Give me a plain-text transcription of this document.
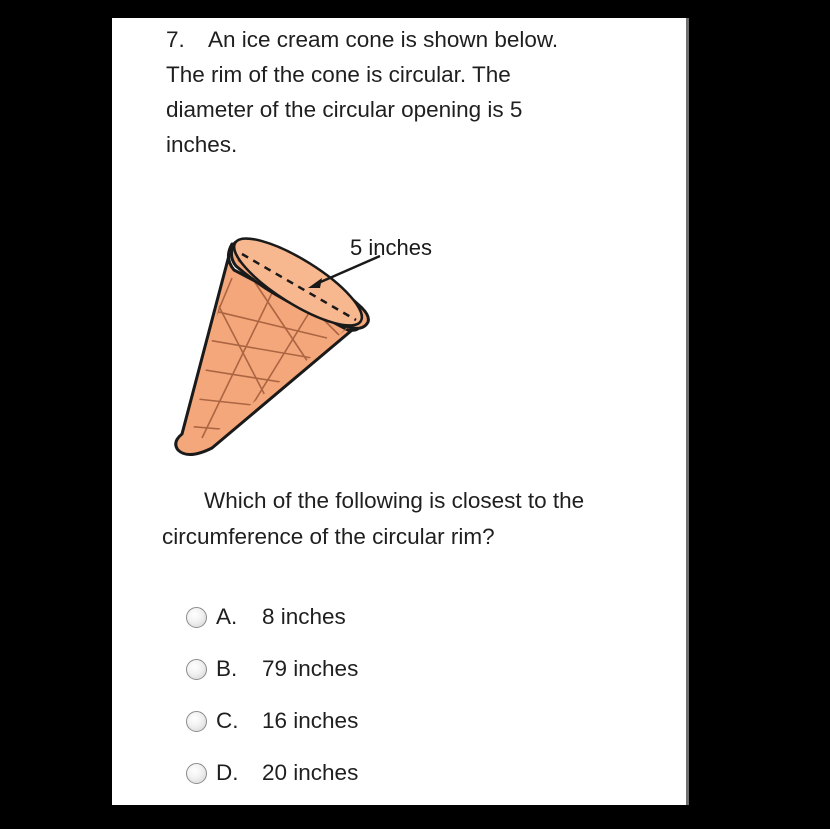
7. An ice cream cone is shown below.
The rim of the cone is circular. The
diameter of the circular opening is 5
inches.

5 inches

Which of the following is closest to the
circumference of the circular rim?

A.	8 inches
B.	79 inches
C.	16 inches
D.	20 inches
